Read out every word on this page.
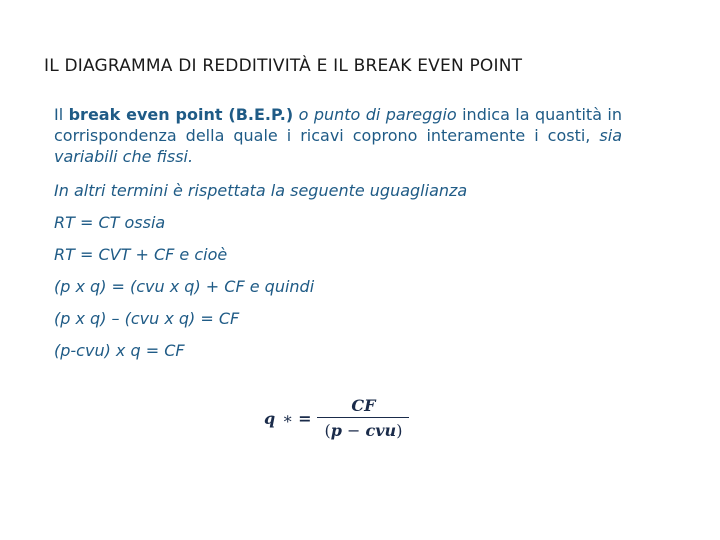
IL DIAGRAMMA DI REDDITIVITÀ E IL BREAK EVEN POINT

Il break even point (B.E.P.) o punto di pareggio indica la quantità in corrispondenza della quale i ricavi coprono interamente i costi, sia variabili che fissi.

In altri termini è rispettata la seguente uguaglianza

RT = CT ossia

RT = CVT + CF e cioè

(p x q) = (cvu x q) + CF e quindi

(p x q) – (cvu x q) = CF

(p-cvu) x q = CF

q ∗ = $\frac{CF}{\text{(p − cvu)}}$
